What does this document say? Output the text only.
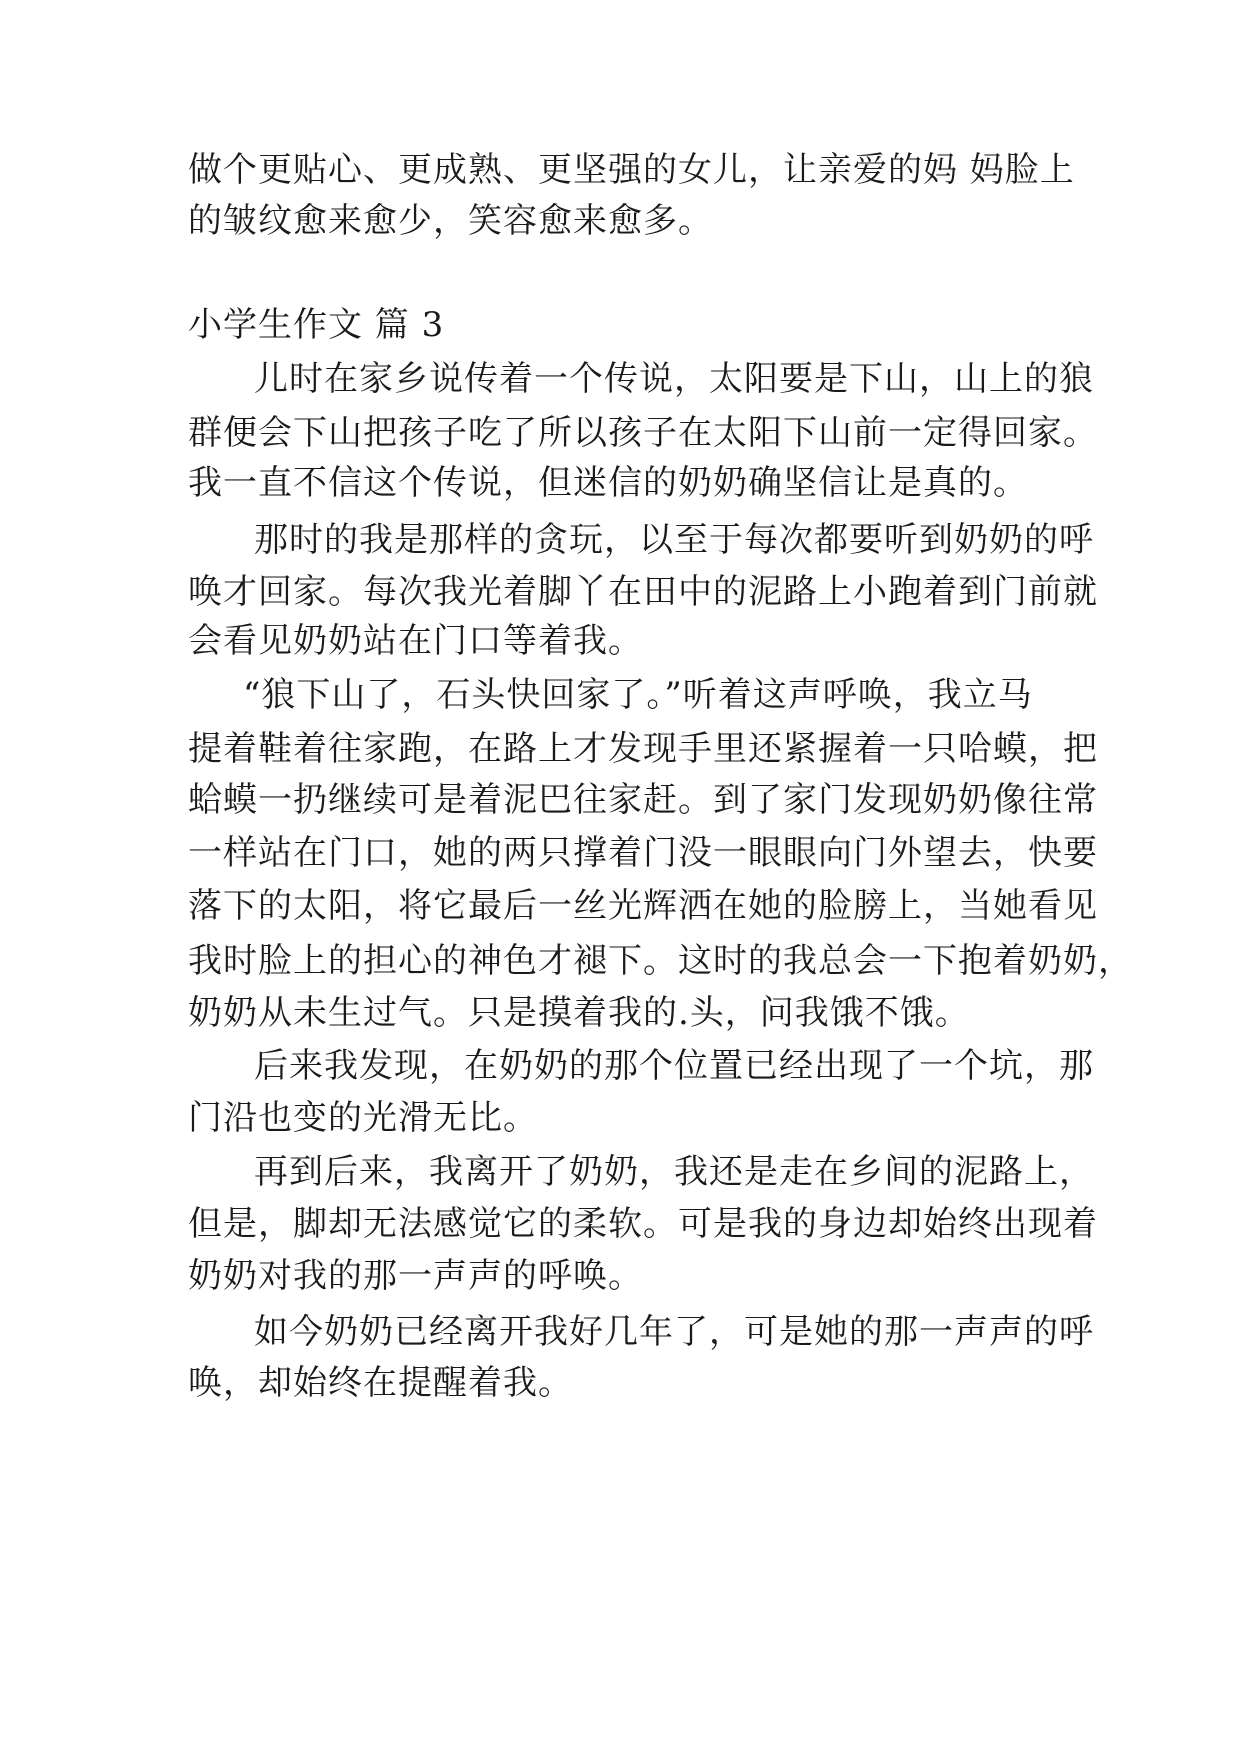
做个更贴心、更成熟、更坚强的女儿，让亲爱的妈 妈脸上
的皱纹愈来愈少，笑容愈来愈多。
小学生作文 篇 3
儿时在家乡说传着一个传说，太阳要是下山，山上的狼
群便会下山把孩子吃了所以孩子在太阳下山前一定得回家。
我一直不信这个传说，但迷信的奶奶确坚信让是真的。
那时的我是那样的贪玩，以至于每次都要听到奶奶的呼
唤才回家。每次我光着脚丫在田中的泥路上小跑着到门前就
会看见奶奶站在门口等着我。
“狼下山了，石头快回家了。”听着这声呼唤，我立马
提着鞋着往家跑，在路上才发现手里还紧握着一只哈蟆，把
蛤蟆一扔继续可是着泥巴往家赶。到了家门发现奶奶像往常
一样站在门口，她的两只撑着门没一眼眼向门外望去，快要
落下的太阳，将它最后一丝光辉洒在她的脸膀上，当她看见
我时脸上的担心的神色才褪下。这时的我总会一下抱着奶奶，
奶奶从未生过气。只是摸着我的.头，问我饿不饿。
后来我发现，在奶奶的那个位置已经出现了一个坑，那
门沿也变的光滑无比。
再到后来，我离开了奶奶，我还是走在乡间的泥路上，
但是，脚却无法感觉它的柔软。可是我的身边却始终出现着
奶奶对我的那一声声的呼唤。
如今奶奶已经离开我好几年了，可是她的那一声声的呼
唤，却始终在提醒着我。
